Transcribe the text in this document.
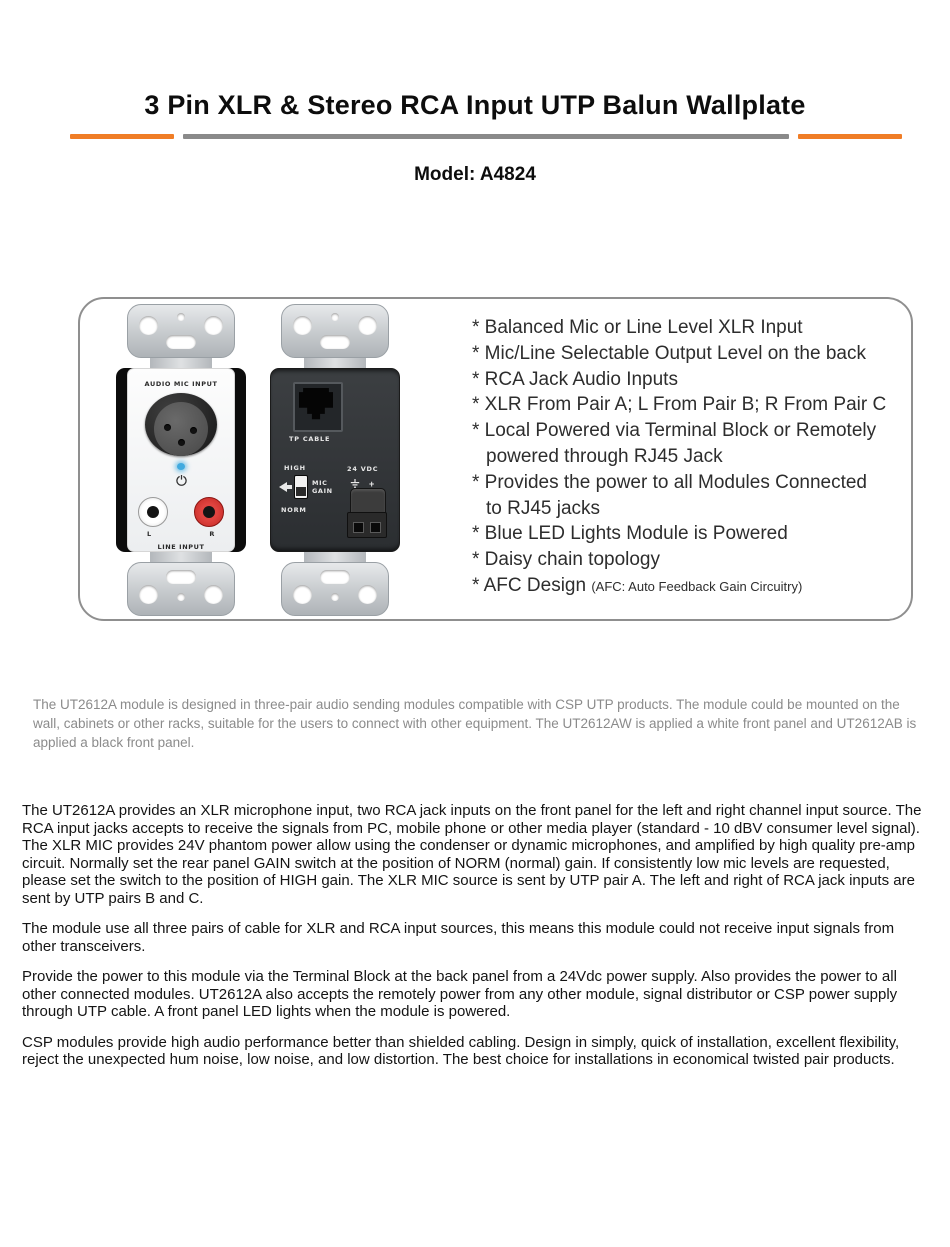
3 Pin XLR & Stereo RCA Input UTP Balun Wallplate
Model: A4824
AUDIO MIC INPUT
L	R
LINE INPUT
TP CABLE
HIGH
MIC
GAIN
NORM
24 VDC
+
* Balanced Mic or Line Level XLR Input
* Mic/Line Selectable Output Level on the back
* RCA Jack Audio Inputs
* XLR From Pair A; L From Pair B; R From Pair C
* Local Powered via Terminal Block or Remotely
powered through RJ45 Jack
* Provides the power to all Modules Connected
to RJ45 jacks
* Blue LED Lights Module is Powered
* Daisy chain topology
* AFC Design (AFC: Auto Feedback Gain Circuitry)

The UT2612A module is designed in three-pair audio sending modules compatible with CSP UTP products. The module could be mounted on the wall, cabinets or other racks, suitable for the users to connect with other equipment. The UT2612AW is applied a white front panel and UT2612AB is applied a black front panel.

The UT2612A provides an XLR microphone input, two RCA jack inputs on the front panel for the left and right channel input source. The RCA input jacks accepts to receive the signals from PC, mobile phone or other media player (standard - 10 dBV consumer level signal). The XLR MIC provides 24V phantom power allow using the condenser or dynamic microphones, and amplified by high quality pre-amp circuit. Normally set the rear panel GAIN switch at the position of NORM (normal) gain. If consistently low mic levels are requested, please set the switch to the position of HIGH gain. The XLR MIC source is sent by UTP pair A. The left and right of RCA jack inputs are sent by UTP pairs B and C.

The module use all three pairs of cable for XLR and RCA input sources, this means this module could not receive input signals from other transceivers.

Provide the power to this module via the Terminal Block at the back panel from a 24Vdc power supply. Also provides the power to all other connected modules. UT2612A also accepts the remotely power from any other module, signal distributor or CSP power supply through UTP cable. A front panel LED lights when the module is powered.

CSP modules provide high audio performance better than shielded cabling. Design in simply, quick of installation, excellent flexibility, reject the unexpected hum noise, low noise, and low distortion. The best choice for installations in economical twisted pair products.
